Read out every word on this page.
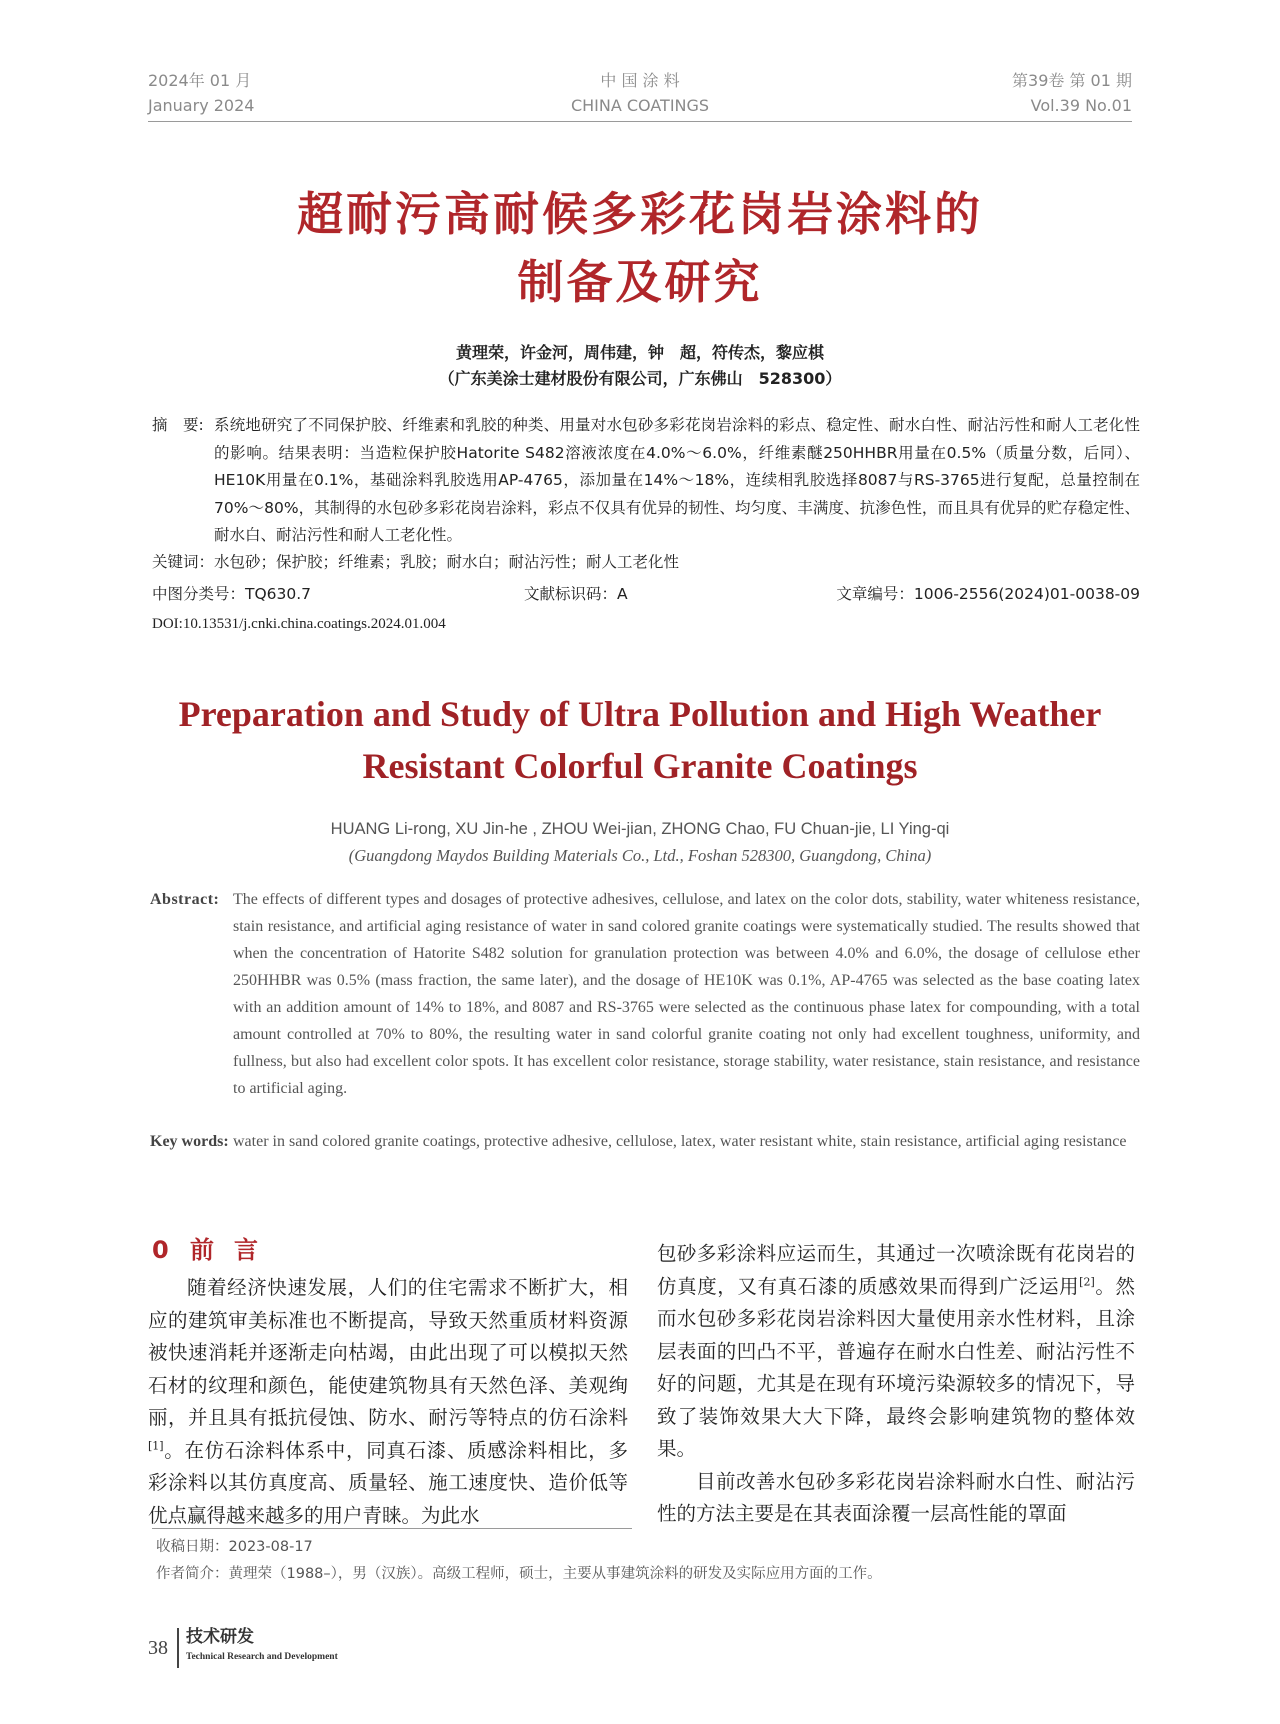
2024年 01 月
January 2024
中 国 涂 料
CHINA COATINGS
第39卷 第 01 期
Vol.39 No.01
超耐污高耐候多彩花岗岩涂料的
制备及研究
黄理荣，许金河，周伟建，钟　超，符传杰，黎应棋
（广东美涂士建材股份有限公司，广东佛山　528300）
摘　要: 系统地研究了不同保护胶、纤维素和乳胶的种类、用量对水包砂多彩花岗岩涂料的彩点、稳定性、耐水白性、耐沾污性和耐人工老化性的影响。结果表明：当造粒保护胶Hatorite S482溶液浓度在4.0%～6.0%，纤维素醚250HHBR用量在0.5%（质量分数，后同）、HE10K用量在0.1%，基础涂料乳胶选用AP-4765，添加量在14%～18%，连续相乳胶选择8087与RS-3765进行复配，总量控制在70%～80%，其制得的水包砂多彩花岗岩涂料，彩点不仅具有优异的韧性、均匀度、丰满度、抗渗色性，而且具有优异的贮存稳定性、耐水白、耐沾污性和耐人工老化性。
关键词：水包砂；保护胶；纤维素；乳胶；耐水白；耐沾污性；耐人工老化性
中图分类号：TQ630.7	文献标识码：A	文章编号：1006-2556(2024)01-0038-09
DOI:10.13531/j.cnki.china.coatings.2024.01.004
Preparation and Study of Ultra Pollution and High Weather
Resistant Colorful Granite Coatings
HUANG Li-rong, XU Jin-he , ZHOU Wei-jian, ZHONG Chao, FU Chuan-jie, LI Ying-qi
(Guangdong Maydos Building Materials Co., Ltd., Foshan 528300, Guangdong, China)
Abstract: The effects of different types and dosages of protective adhesives, cellulose, and latex on the color dots, stability, water whiteness resistance, stain resistance, and artificial aging resistance of water in sand colored granite coatings were systematically studied. The results showed that when the concentration of Hatorite S482 solution for granulation protection was between 4.0% and 6.0%, the dosage of cellulose ether 250HHBR was 0.5% (mass fraction, the same later), and the dosage of HE10K was 0.1%, AP-4765 was selected as the base coating latex with an addition amount of 14% to 18%, and 8087 and RS-3765 were selected as the continuous phase latex for compounding, with a total amount controlled at 70% to 80%, the resulting water in sand colorful granite coating not only had excellent toughness, uniformity, and fullness, but also had excellent color spots. It has excellent color resistance, storage stability, water resistance, stain resistance, and resistance to artificial aging.
Key words: water in sand colored granite coatings, protective adhesive, cellulose, latex, water resistant white, stain resistance, artificial aging resistance
0 前言

随着经济快速发展，人们的住宅需求不断扩大，相应的建筑审美标准也不断提高，导致天然重质材料资源被快速消耗并逐渐走向枯竭，由此出现了可以模拟天然石材的纹理和颜色，能使建筑物具有天然色泽、美观绚丽，并且具有抵抗侵蚀、防水、耐污等特点的仿石涂料[1]。在仿石涂料体系中，同真石漆、质感涂料相比，多彩涂料以其仿真度高、质量轻、施工速度快、造价低等优点赢得越来越多的用户青睐。为此水

包砂多彩涂料应运而生，其通过一次喷涂既有花岗岩的仿真度，又有真石漆的质感效果而得到广泛运用[2]。然而水包砂多彩花岗岩涂料因大量使用亲水性材料，且涂层表面的凹凸不平，普遍存在耐水白性差、耐沾污性不好的问题，尤其是在现有环境污染源较多的情况下，导致了装饰效果大大下降，最终会影响建筑物的整体效果。

目前改善水包砂多彩花岗岩涂料耐水白性、耐沾污性的方法主要是在其表面涂覆一层高性能的罩面

收稿日期：2023-08-17
作者简介：黄理荣（1988–），男（汉族）。高级工程师，硕士，主要从事建筑涂料的研发及实际应用方面的工作。
38 技术研发
Technical Research and Development
